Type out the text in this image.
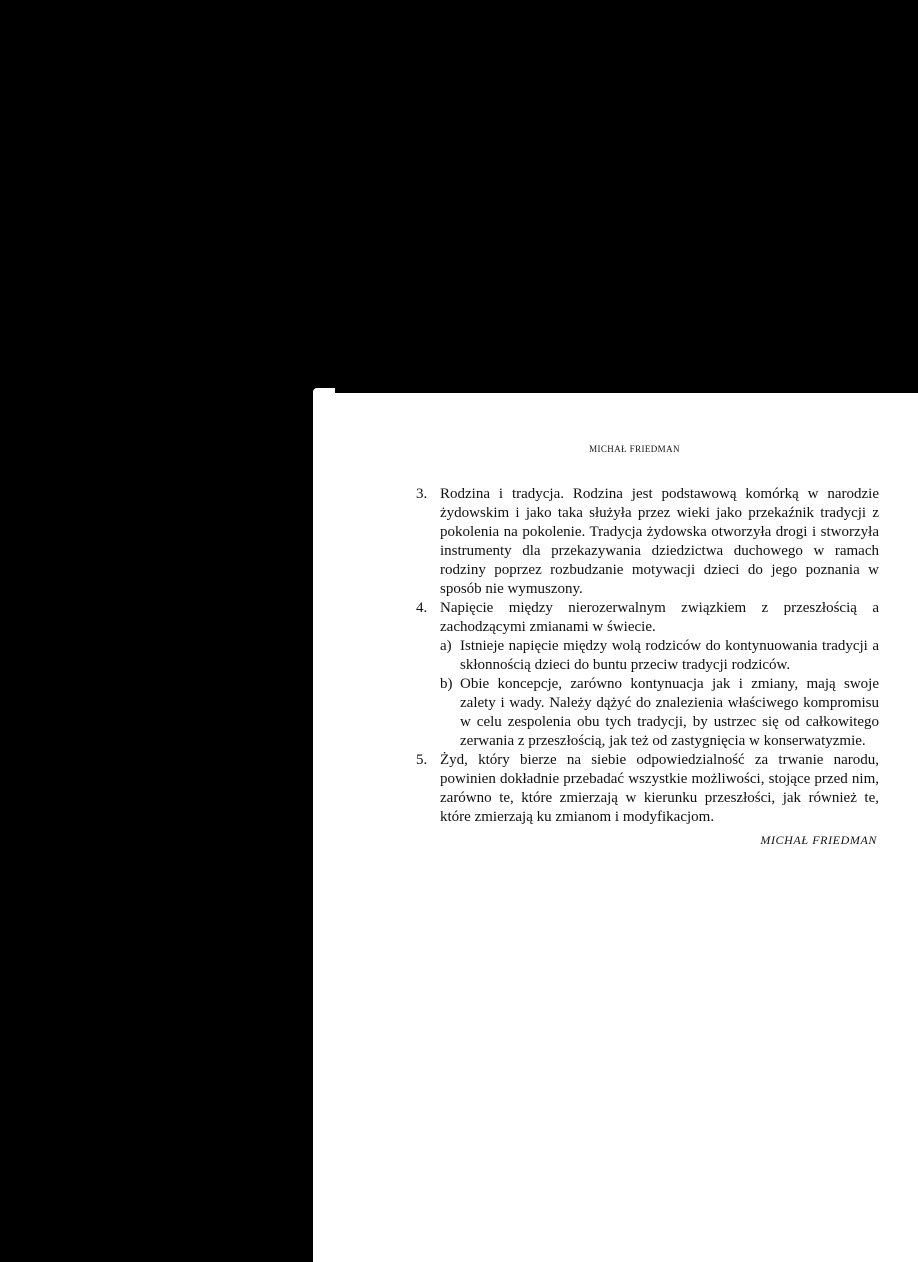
MICHAŁ FRIEDMAN
3. Rodzina i tradycja. Rodzina jest podstawową komórką w narodzie żydowskim i jako taka służyła przez wieki jako przekaźnik tradycji z pokolenia na pokolenie. Tradycja żydowska otworzyła drogi i stworzyła instrumenty dla przekazywania dziedzictwa duchowego w ramach rodziny poprzez rozbudzanie motywacji dzieci do jego poznania w sposób nie wymuszony.
4. Napięcie między nierozerwalnym związkiem z przeszłością a zachodzącymi zmianami w świecie.
a) Istnieje napięcie między wolą rodziców do kontynuowania tradycji a skłonnością dzieci do buntu przeciw tradycji rodziców.
b) Obie koncepcje, zarówno kontynuacja jak i zmiany, mają swoje zalety i wady. Należy dążyć do znalezienia właściwego kompromisu w celu zespolenia obu tych tradycji, by ustrzec się od całkowitego zerwania z przeszłością, jak też od zastygnięcia w konserwatyzmie.
5. Żyd, który bierze na siebie odpowiedzialność za trwanie narodu, powinien dokładnie przebadać wszystkie możliwości, stojące przed nim, zarówno te, które zmierzają w kierunku przeszłości, jak również te, które zmierzają ku zmianom i modyfikacjom.
MICHAŁ FRIEDMAN
